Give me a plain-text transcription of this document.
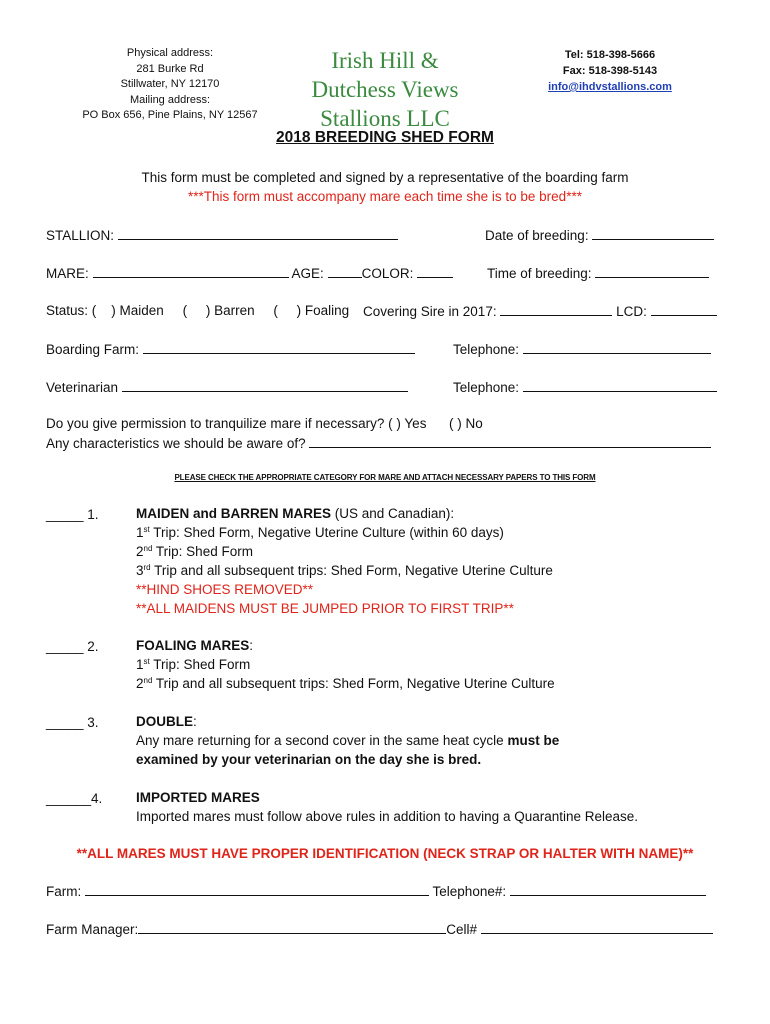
Physical address:
281 Burke Rd
Stillwater, NY 12170
Mailing address:
PO Box 656, Pine Plains, NY 12567
Irish Hill &
Dutchess Views
Stallions LLC
Tel: 518-398-5666
Fax: 518-398-5143
info@ihdvstallions.com
2018 BREEDING SHED FORM
This form must be completed and signed by a representative of the boarding farm
***This form must accompany mare each time she is to be bred***
STALLION:	Date of breeding:
MARE:	AGE:	COLOR:	Time of breeding:
Status: ( ) Maiden ( ) Barren ( ) Foaling Covering Sire in 2017:	LCD:
Boarding Farm:	Telephone:
Veterinarian	Telephone:
Do you give permission to tranquilize mare if necessary? ( ) Yes ( ) No
Any characteristics we should be aware of?
PLEASE CHECK THE APPROPRIATE CATEGORY FOR MARE AND ATTACH NECESSARY PAPERS TO THIS FORM
_____ 1.	MAIDEN and BARREN MARES (US and Canadian):
1st Trip: Shed Form, Negative Uterine Culture (within 60 days)
2nd Trip: Shed Form
3rd Trip and all subsequent trips: Shed Form, Negative Uterine Culture
**HIND SHOES REMOVED**
**ALL MAIDENS MUST BE JUMPED PRIOR TO FIRST TRIP**
_____ 2.	FOALING MARES:
1st Trip: Shed Form
2nd Trip and all subsequent trips: Shed Form, Negative Uterine Culture
_____ 3.	DOUBLE:
Any mare returning for a second cover in the same heat cycle must be
examined by your veterinarian on the day she is bred.
______4. IMPORTED MARES
Imported mares must follow above rules in addition to having a Quarantine Release.
**ALL MARES MUST HAVE PROPER IDENTIFICATION (NECK STRAP OR HALTER WITH NAME)**
Farm:	Telephone#:
Farm Manager:	Cell#
